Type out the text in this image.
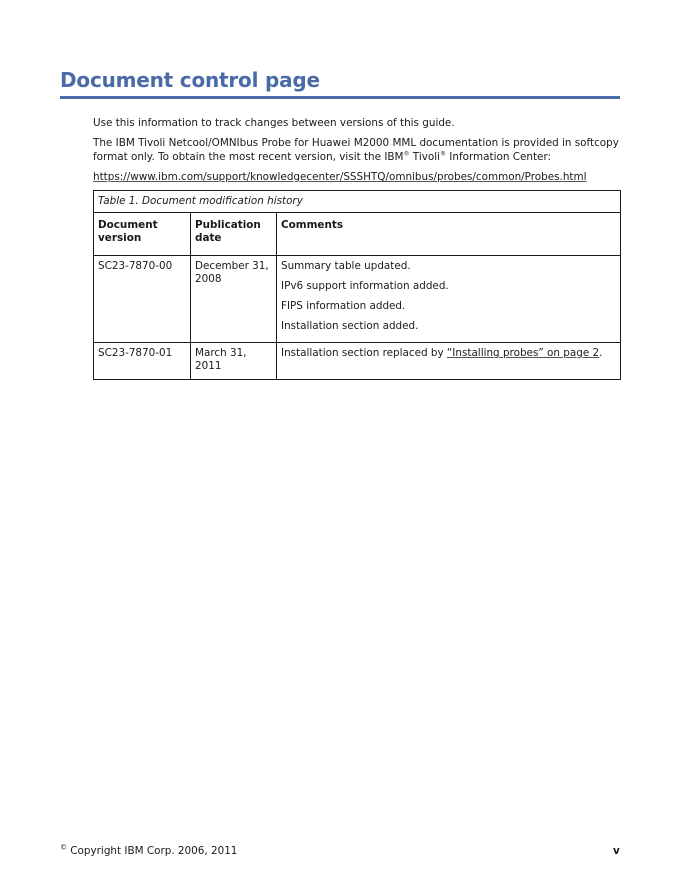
Document control page

Use this information to track changes between versions of this guide.

The IBM Tivoli Netcool/OMNIbus Probe for Huawei M2000 MML documentation is provided in softcopy format only. To obtain the most recent version, visit the IBM® Tivoli® Information Center:

https://www.ibm.com/support/knowledgecenter/SSSHTQ/omnibus/probes/common/Probes.html

Table 1. Document modification history		
Document version	Publication date	Comments
SC23-7870-00	December 31, 2008	Summary table updated.
IPv6 support information added.
FIPS information added.
Installation section added.

SC23-7870-01	March 31, 2011	Installation section replaced by “Installing probes” on page 2.
© Copyright IBM Corp. 2006, 2011	v
